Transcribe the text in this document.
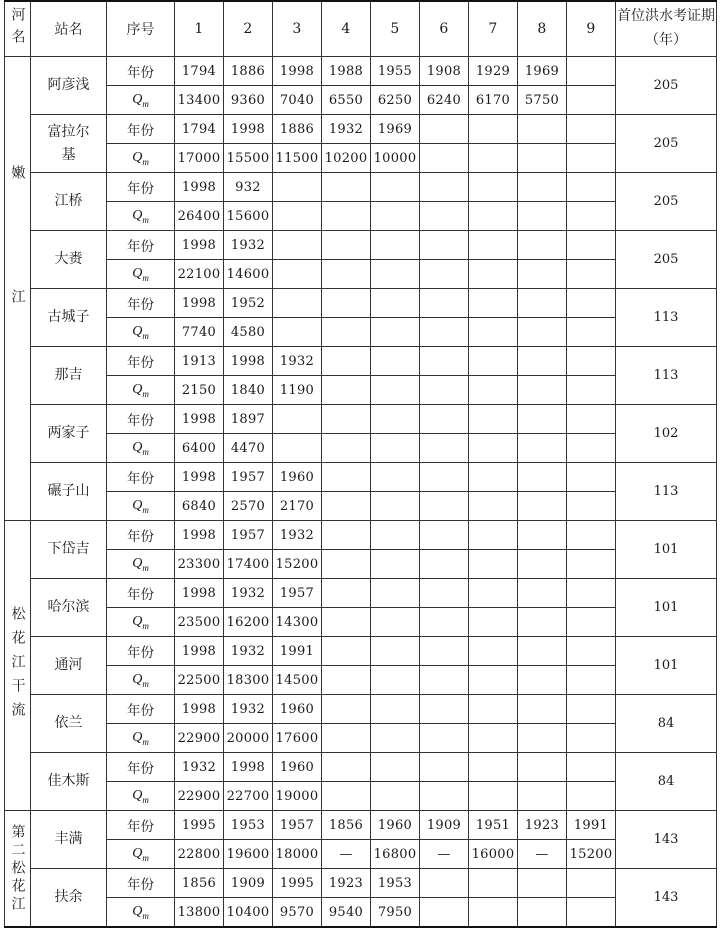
河名	站名	序号	1	2	3	4	5	6	7	8	9	首位洪水考证期（年）
嫩江	阿彦浅	年份	1794	1886	1998	1988	1955	1908	1929	1969		205
		$Q_m$	13400	9360	7040	6550	6250	6240	6170	5750		
	富拉尔基	年份	1794	1998	1886	1932	1969					205
		$Q_m$	17000	15500	11500	10200	10000					
	江桥	年份	1998	932								205
		$Q_m$	26400	15600								
	大赉	年份	1998	1932								205
		$Q_m$	22100	14600								
	古城子	年份	1998	1952								113
		$Q_m$	7740	4580								
	那吉	年份	1913	1998	1932							113
		$Q_m$	2150	1840	1190							
	两家子	年份	1998	1897								102
		$Q_m$	6400	4470								
	碾子山	年份	1998	1957	1960							113
		$Q_m$	6840	2570	2170							
松花江干流	下岱吉	年份	1998	1957	1932							101
		$Q_m$	23300	17400	15200							
	哈尔滨	年份	1998	1932	1957							101
		$Q_m$	23500	16200	14300							
	通河	年份	1998	1932	1991							101
		$Q_m$	22500	18300	14500							
	依兰	年份	1998	1932	1960							84
		$Q_m$	22900	20000	17600							
	佳木斯	年份	1932	1998	1960							84
		$Q_m$	22900	22700	19000							
第二松花江	丰满	年份	1995	1953	1957	1856	1960	1909	1951	1923	1991	143
		$Q_m$	22800	19600	18000	—	16800	—	16000	—	15200	
	扶余	年份	1856	1909	1995	1923	1953					143
		$Q_m$	13800	10400	9570	9540	7950					
